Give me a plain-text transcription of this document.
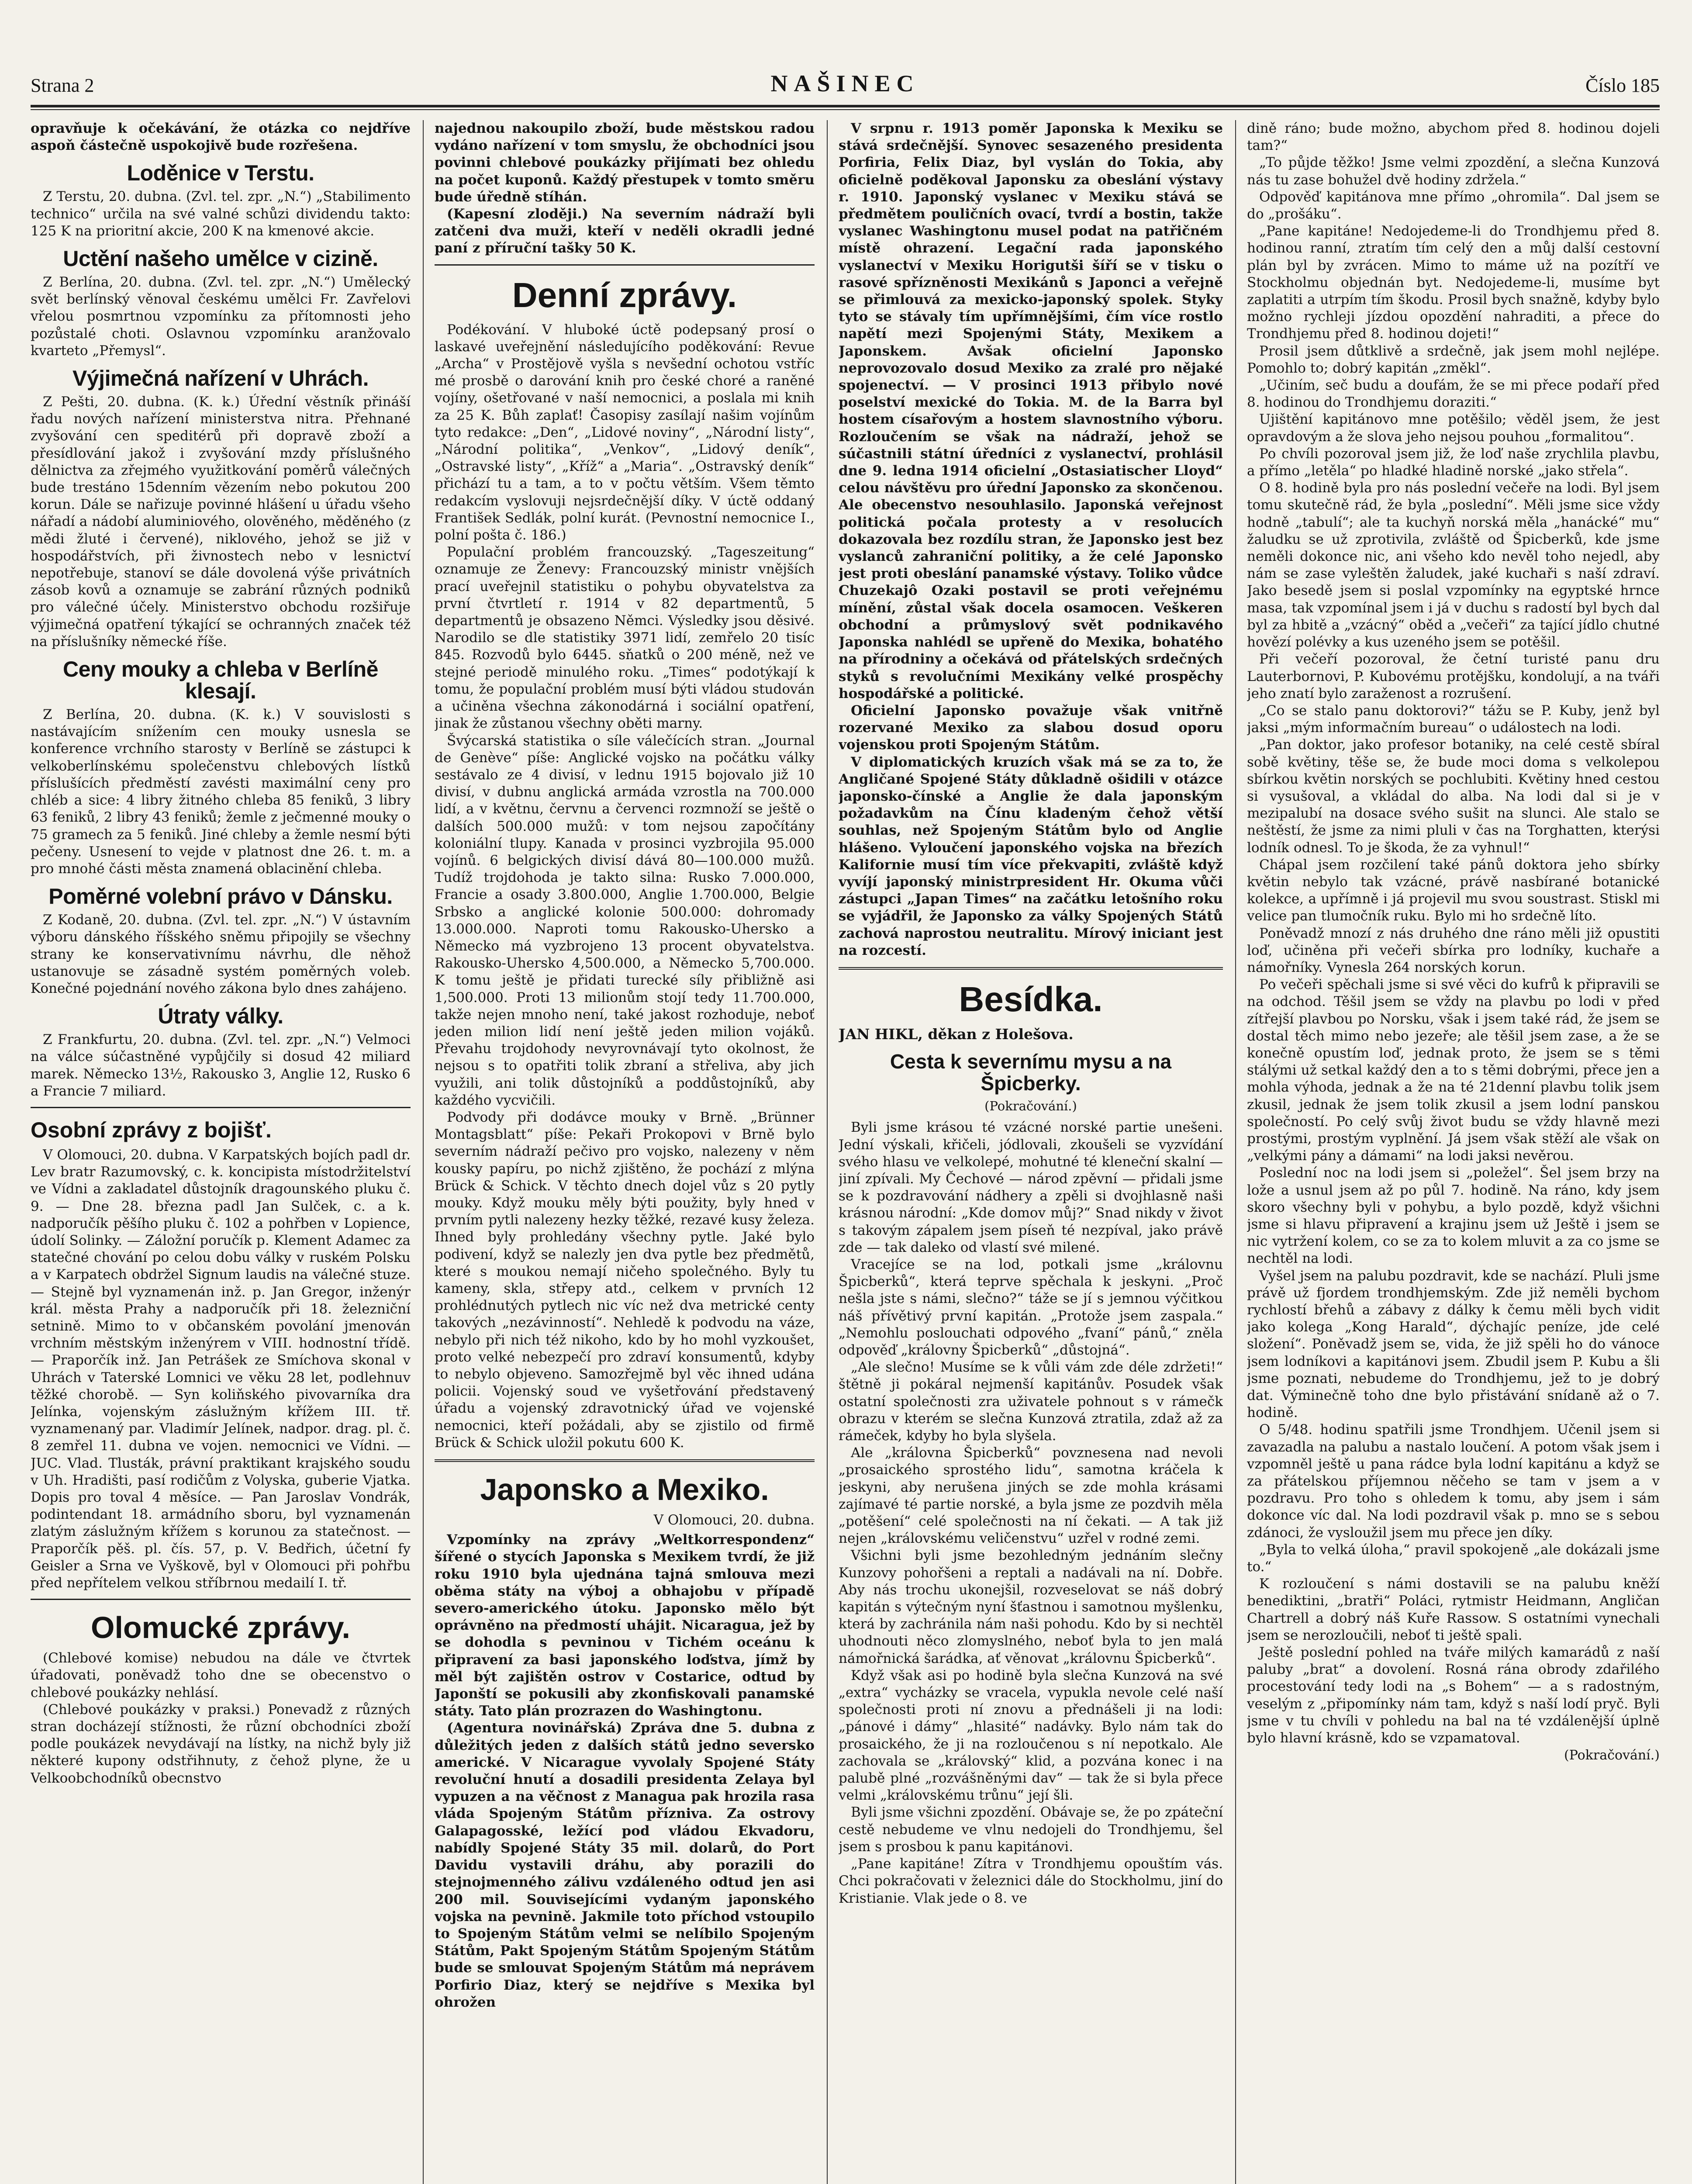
Strana 2	NAŠINEC	Číslo 185

opravňuje k očekávání, že otázka co nejdříve aspoň částečně uspokojivě bude rozřešena.

Loděnice v Terstu.

Z Terstu, 20. dubna. (Zvl. tel. zpr. „N.“) „Stabilimento technico“ určila na své valné schůzi dividendu takto: 125 K na prioritní akcie, 200 K na kmenové akcie.

Uctění našeho umělce v cizině.

Z Berlína, 20. dubna. (Zvl. tel. zpr. „N.“) Umělecký svět berlínský věnoval českému umělci Fr. Zavřelovi vřelou posmrtnou vzpomínku za přítomnosti jeho pozůstalé choti. Oslavnou vzpomínku aranžovalo kvarteto „Přemysl“.

Výjimečná nařízení v Uhrách.

Z Pešti, 20. dubna. (K. k.) Úřední věstník přináší řadu nových nařízení ministerstva nitra. Přehnané zvyšování cen speditérů při dopravě zboží a přesídlování jakož i zvyšování mzdy příslušného dělnictva za zřejmého využitkování poměrů válečných bude trestáno 15denním vězením nebo pokutou 200 korun. Dále se nařizuje povinné hlášení u úřadu všeho nářadí a nádobí aluminiového, olověného, měděného (z mědi žluté i červené), niklového, jehož se již v hospodářstvích, při živnostech nebo v lesnictví nepotřebuje, stanoví se dále dovolená výše privátních zásob kovů a oznamuje se zabrání různých podniků pro válečné účely. Ministerstvo obchodu rozšiřuje výjimečná opatření týkající se ochranných značek též na příslušníky německé říše.

Ceny mouky a chleba v Berlíně klesají.

Z Berlína, 20. dubna. (K. k.) V souvislosti s nastávajícím snížením cen mouky usnesla se konference vrchního starosty v Berlíně se zástupci k velkoberlínskému společenstvu chlebových lístků příslušících předměstí zavésti maximální ceny pro chléb a sice: 4 libry žitného chleba 85 feniků, 3 libry 63 feniků, 2 libry 43 feniků; žemle z ječmenné mouky o 75 gramech za 5 feniků. Jiné chleby a žemle nesmí býti pečeny. Usnesení to vejde v platnost dne 26. t. m. a pro mnohé části města znamená oblacinění chleba.

Poměrné volební právo v Dánsku.

Z Kodaně, 20. dubna. (Zvl. tel. zpr. „N.“) V ústavním výboru dánského říšského sněmu připojily se všechny strany ke konservativnímu návrhu, dle něhož ustanovuje se zásadně systém poměrných voleb. Konečné pojednání nového zákona bylo dnes zahájeno.

Útraty války.

Z Frankfurtu, 20. dubna. (Zvl. tel. zpr. „N.“) Velmoci na válce súčastněné vypůjčily si dosud 42 miliard marek. Německo 13½, Rakousko 3, Anglie 12, Rusko 6 a Francie 7 miliard.

Osobní zprávy z bojišť.

V Olomouci, 20. dubna. V Karpatských bojích padl dr. Lev bratr Razumovský, c. k. koncipista místodržitelství ve Vídni a zakladatel důstojník dragounského pluku č. 9. — Dne 28. března padl Jan Sulček, c. a k. nadporučík pěšího pluku č. 102 a pohřben v Lopience, údolí Solinky. — Záložní poručík p. Klement Adamec za statečné chování po celou dobu války v ruském Polsku a v Karpatech obdržel Signum laudis na válečné stuze. — Stejně byl vyznamenán inž. p. Jan Gregor, inženýr král. města Prahy a nadporučík při 18. železniční setnině. Mimo to v občanském povolání jmenován vrchním městským inženýrem v VIII. hodnostní třídě. — Praporčík inž. Jan Petrášek ze Smíchova skonal v Uhrách v Taterské Lomnici ve věku 28 let, podlehnuv těžké chorobě. — Syn koliňského pivovarníka dra Jelínka, vojenským záslužným křížem III. tř. vyznamenaný par. Vladimír Jelínek, nadpor. drag. pl. č. 8 zemřel 11. dubna ve vojen. nemocnici ve Vídni. — JUC. Vlad. Tlusták, právní praktikant krajského soudu v Uh. Hradišti, pasí rodičům z Volyska, guberie Vjatka. Dopis pro toval 4 měsíce. — Pan Jaroslav Vondrák, podintendant 18. armádního sboru, byl vyznamenán zlatým záslužným křížem s korunou za statečnost. — Praporčík pěš. pl. čís. 57, p. V. Bedřich, účetní fy Geisler a Srna ve Vyškově, byl v Olomouci při pohřbu před nepřítelem velkou stříbrnou medailí I. tř.

Olomucké zprávy.

(Chlebové komise) nebudou na dále ve čtvrtek úřadovati, poněvadž toho dne se obecenstvo o chlebové poukázky nehlásí.

(Chlebové poukázky v praksi.) Ponevadž z různých stran docházejí stížnosti, že různí obchodníci zboží podle poukázek nevydávají na lístky, na nichž byly již některé kupony odstřihnuty, z čehož plyne, že u Velkoobchodníků obecnstvo

najednou nakoupilo zboží, bude městskou radou vydáno nařízení v tom smyslu, že obchodníci jsou povinni chlebové poukázky přijímati bez ohledu na počet kuponů. Každý přestupek v tomto směru bude úředně stíhán.

(Kapesní zloději.) Na severním nádraží byli zatčeni dva muži, kteří v neděli okradli jedné paní z příruční tašky 50 K.

Denní zprávy.

Podékování. V hluboké úctě podepsaný prosí o laskavé uveřejnění následujícího poděkování: Revue „Archa“ v Prostějově vyšla s nevšední ochotou vstříc mé prosbě o darování knih pro české choré a raněné vojíny, ošetřované v naší nemocnici, a poslala mi knih za 25 K. Bůh zaplať! Časopisy zasílají našim vojínům tyto redakce: „Den“, „Lidové noviny“, „Národní listy“, „Národní politika“, „Venkov“, „Lidový deník“, „Ostravské listy“, „Kříž“ a „Maria“. „Ostravský deník“ přichází tu a tam, a to v počtu větším. Všem těmto redakcím vyslovuji nejsrdečnější díky. V úctě oddaný František Sedlák, polní kurát. (Pevnostní nemocnice I., polní pošta č. 186.)

Populační problém francouzský. „Tageszeitung“ oznamuje ze Ženevy: Francouzský ministr vnějších prací uveřejnil statistiku o pohybu obyvatelstva za první čtvrtletí r. 1914 v 82 departmentů, 5 departmentů je obsazeno Němci. Výsledky jsou děsivé. Narodilo se dle statistiky 3971 lidí, zemřelo 20 tisíc 845. Rozvodů bylo 6445. sňatků o 200 méně, než ve stejné periodě minulého roku. „Times“ podotýkají k tomu, že populační problém musí býti vládou studován a učiněna všechna zákonodárná i sociální opatření, jinak že zůstanou všechny oběti marny.

Švýcarská statistika o síle válečících stran. „Journal de Genève“ píše: Anglické vojsko na počátku války sestávalo ze 4 divisí, v lednu 1915 bojovalo již 10 divisí, v dubnu anglická armáda vzrostla na 700.000 lidí, a v květnu, červnu a červenci rozmnoží se ještě o dalších 500.000 mužů: v tom nejsou započítány koloniální tlupy. Kanada v prosinci vyzbrojila 95.000 vojínů. 6 belgických divisí dává 80—100.000 mužů. Tudíž trojdohoda je takto silna: Rusko 7.000.000, Francie a osady 3.800.000, Anglie 1.700.000, Belgie Srbsko a anglické kolonie 500.000: dohromady 13.000.000. Naproti tomu Rakousko-Uhersko a Německo má vyzbrojeno 13 procent obyvatelstva. Rakousko-Uhersko 4,500.000, a Německo 5,700.000. K tomu ještě je přidati turecké síly přibližně asi 1,500.000. Proti 13 milionům stojí tedy 11.700.000, takže nejen mnoho není, také jakost rozhoduje, neboť jeden milion lidí není ještě jeden milion vojáků. Převahu trojdohody nevyrovnávají tyto okolnost, že nejsou s to opatřiti tolik zbraní a střeliva, aby jich využili, ani tolik důstojníků a poddůstojníků, aby každého vycvičili.

Podvody při dodávce mouky v Brně. „Brünner Montagsblatt“ píše: Pekaři Prokopovi v Brně bylo severním nádraží pečivo pro vojsko, nalezeny v něm kousky papíru, po nichž zjištěno, že pochází z mlýna Brück & Schick. V těchto dnech dojel vůz s 20 pytly mouky. Když mouku měly býti použity, byly hned v prvním pytli nalezeny hezky těžké, rezavé kusy železa. Ihned byly prohledány všechny pytle. Jaké bylo podivení, když se nalezly jen dva pytle bez předmětů, které s moukou nemají ničeho společného. Byly tu kameny, skla, střepy atd., celkem v prvních 12 prohlédnutých pytlech nic víc než dva metrické centy takových „nezávinností“. Nehledě k podvodu na váze, nebylo při nich též nikoho, kdo by ho mohl vyzkoušet, proto velké nebezpečí pro zdraví konsumentů, kdyby to nebylo objeveno. Samozřejmě byl věc ihned udána policii. Vojenský soud ve vyšetřování představený úřadu a vojenský zdravotnický úřad ve vojenské nemocnici, kteří požádali, aby se zjistilo od firmě Brück & Schick uložil pokutu 600 K.

Japonsko a Mexiko.
V Olomouci, 20. dubna.

Vzpomínky na zprávy „Weltkorrespondenz“ šířené o stycích Japonska s Mexikem tvrdí, že již roku 1910 byla ujednána tajná smlouva mezi oběma státy na výboj a obhajobu v případě severo-amerického útoku. Japonsko mělo být oprávněno na předmostí uhájit. Nicaragua, jež by se dohodla s pevninou v Tichém oceánu k připravení za basi japonského loďstva, jímž by měl být zajištěn ostrov v Costarice, odtud by Japonští se pokusili aby zkonfiskovali panamské státy. Tato plán prozrazen do Washingtonu.

(Agentura novinářská) Zpráva dne 5. dubna z důležitých jeden z dalších států jedno seversko americké. V Nicarague vyvolaly Spojené Státy revoluční hnutí a dosadili presidenta Zelaya byl vypuzen a na věčnost z Managua pak hrozila rasa vláda Spojeným Státům přízniva. Za ostrovy Galapagosské, ležící pod vládou Ekvadoru, nabídly Spojené Státy 35 mil. dolarů, do Port Davidu vystavili dráhu, aby porazili do stejnojmenného zálivu vzdáleného odtud jen asi 200 mil. Souvisejícími vydaným japonského vojska na pevnině. Jakmile toto příchod vstoupilo to Spojeným Státům velmi se nelíbilo Spojeným Státům, Pakt Spojeným Státům Spojeným Státům bude se smlouvat Spojeným Státům má neprávem Porfirio Diaz, který se nejdříve s Mexika byl ohrožen

V srpnu r. 1913 poměr Japonska k Mexiku se stává srdečnější. Synovec sesazeného presidenta Porfiria, Felix Diaz, byl vyslán do Tokia, aby oficielně poděkoval Japonsku za obeslání výstavy r. 1910. Japonský vyslanec v Mexiku stává se předmětem pouličních ovací, tvrdí a bostin, takže vyslanec Washingtonu musel podat na patřičném místě ohrazení. Legační rada japonského vyslanectví v Mexiku Horigutši šíří se v tisku o rasové spřízněnosti Mexikánů s Japonci a veřejně se přimlouvá za mexicko-japonský spolek. Styky tyto se stávaly tím upřímnějšími, čím více rostlo napětí mezi Spojenými Státy, Mexikem a Japonskem. Avšak oficielní Japonsko neprovozovalo dosud Mexiko za zralé pro nějaké spojenectví. — V prosinci 1913 přibylo nové poselství mexické do Tokia. M. de la Barra byl hostem císařovým a hostem slavnostního výboru. Rozloučením se však na nádraží, jehož se súčastnili státní úředníci z vyslanectví, prohlásil dne 9. ledna 1914 oficielní „Ostasiatischer Lloyd“ celou návštěvu pro úřední Japonsko za skončenou. Ale obecenstvo nesouhlasilo. Japonská veřejnost politická počala protesty a v resolucích dokazovala bez rozdílu stran, že Japonsko jest bez vyslanců zahraniční politiky, a že celé Japonsko jest proti obeslání panamské výstavy. Toliko vůdce Chuzekajô Ozaki postavil se proti veřejnému mínění, zůstal však docela osamocen. Veškeren obchodní a průmyslový svět podnikavého Japonska nahlédl se upřeně do Mexika, bohatého na přírodniny a očekává od přátelských srdečných styků s revolučními Mexikány velké prospěchy hospodářské a politické.

Oficielní Japonsko považuje však vnitřně rozervané Mexiko za slabou dosud oporu vojenskou proti Spojeným Státům.

V diplomatických kruzích však má se za to, že Angličané Spojené Státy důkladně ošidili v otázce japonsko-čínské a Anglie že dala japonským požadavkům na Čínu kladeným čehož větší souhlas, než Spojeným Státům bylo od Anglie hlášeno. Vyloučení japonského vojska na březích Kalifornie musí tím více překvapiti, zvláště když vyvíjí japonský ministrpresident Hr. Okuma vůči zástupci „Japan Times“ na začátku letošního roku se vyjádřil, že Japonsko za války Spojených Států zachová naprostou neutralitu. Mírový iniciant jest na rozcestí.

Besídka.
JAN HIKL, děkan z Holešova.
Cesta k severnímu mysu a na Špicberky.
(Pokračování.)

Byli jsme krásou té vzácné norské partie unešeni. Jední výskali, křičeli, jódlovali, zkoušeli se vyzvídání svého hlasu ve velkolepé, mohutné té kleneční skalní — jiní zpívali. My Čechové — národ zpěvní — přidali jsme se k pozdravování nádhery a zpěli si dvojhlasně naši krásnou národní: „Kde domov můj?“ Snad nikdy v život s takovým zápalem jsem píseň té nezpíval, jako právě zde — tak daleko od vlastí své milené.

Vracejíce se na lod, potkali jsme „královnu Špicberků“, která teprve spěchala k jeskyni. „Proč nešla jste s námi, slečno?“ táže se jí s jemnou výčitkou náš přívětivý první kapitán. „Protože jsem zaspala.“ „Nemohlu poslouchati odpového „fvaní“ pánů,“ zněla odpověď „královny Špicberků“ „důstojná“.

„Ale slečno! Musíme se k vůli vám zde déle zdržeti!“ štětně ji pokáral nejmenší kapitánův. Posudek však ostatní společnosti zra uživatele pohnout s v rámečk obrazu v kterém se slečna Kunzová ztratila, zdaž až za rámeček, kdyby ho byla slyšela.

Ale „královna Špicberků“ povznesena nad nevoli „prosaického sprostého lidu“, samotna kráčela k jeskyni, aby nerušena jiných se zde mohla krásami zajímavé té partie norské, a byla jsme ze pozdvih měla „potěšení“ celé společnosti na ní čekati. — A tak již nejen „královskému veličenstvu“ uzřel v rodné zemi.

Všichni byli jsme bezohledným jednáním slečny Kunzovy pohořšeni a reptali a nadávali na ní. Dobře. Aby nás trochu ukonejšil, rozveselovat se náš dobrý kapitán s výtečným nyní šťastnou i samotnou myšlenku, která by zachránila nám naši pohodu. Kdo by si nechtěl uhodnouti něco zlomyslného, neboť byla to jen malá námořnická šarádka, ať věnovat „královnu Špicberků“.

Když však asi po hodině byla slečna Kunzová na své „extra“ vycházky se vracela, vypukla nevole celé naší společnosti proti ní znovu a přednášeli ji na lodi: „pánové i dámy“ „hlasité“ nadávky. Bylo nám tak do prosaického, že ji na rozloučenou s ní nepotkalo. Ale zachovala se „královský“ klid, a pozvána konec i na palubě plné „rozvášněnými dav“ — tak že si byla přece velmi „královskému trůnu“ její šli.

Byli jsme všichni zpozdění. Obávaje se, že po zpáteční cestě nebudeme ve vlnu nedojeli do Trondhjemu, šel jsem s prosbou k panu kapitánovi.

„Pane kapitáne! Zítra v Trondhjemu opouštím vás. Chci pokračovati v železnici dále do Stockholmu, jiní do Kristianie. Vlak jede o 8. ve

dině ráno; bude možno, abychom před 8. hodinou dojeli tam?“

„To půjde těžko! Jsme velmi zpozdění, a slečna Kunzová nás tu zase bohužel dvě hodiny zdržela.“

Odpověď kapitánova mne přímo „ohromila“. Dal jsem se do „prošáku“.

„Pane kapitáne! Nedojedeme-li do Trondhjemu před 8. hodinou ranní, ztratím tím celý den a můj další cestovní plán byl by zvrácen. Mimo to máme už na pozítří ve Stockholmu objednán byt. Nedojedeme-li, musíme byt zaplatiti a utrpím tím škodu. Prosil bych snažně, kdyby bylo možno rychleji jízdou opozdění nahraditi, a přece do Trondhjemu před 8. hodinou dojeti!“

Prosil jsem důtklivě a srdečně, jak jsem mohl nejlépe. Pomohlo to; dobrý kapitán „změkl“.

„Učiním, seč budu a doufám, že se mi přece podaří před 8. hodinou do Trondhjemu doraziti.“

Ujištění kapitánovo mne potěšilo; věděl jsem, že jest opravdovým a že slova jeho nejsou pouhou „formalitou“.

Po chvíli pozoroval jsem již, že loď naše zrychlila plavbu, a přímo „letěla“ po hladké hladině norské „jako střela“.

O 8. hodině byla pro nás poslední večeře na lodi. Byl jsem tomu skutečně rád, že byla „poslední“. Měli jsme sice vždy hodně „tabulí“; ale ta kuchyň norská měla „hanácké“ mu“ žaludku se už zprotivila, zvláště od Špicberků, kde jsme neměli dokonce nic, ani všeho kdo nevěl toho nejedl, aby nám se zase vyleštěn žaludek, jaké kuchaři s naší zdraví. Jako besedě jsem si poslal vzpomínky na egyptské hrnce masa, tak vzpomínal jsem i já v duchu s radostí byl bych dal byl za hbitě a „vzácný“ oběd a „večeři“ za tající jídlo chutné hovězí polévky a kus uzeného jsem se potěšil.

Při večeří pozoroval, že četní turisté panu dru Lauterbornovi, P. Kubovému protějšku, kondolují, a na tváři jeho znatí bylo zaraženost a rozrušení.

„Co se stalo panu doktorovi?“ tážu se P. Kuby, jenž byl jaksi „mým informačním bureau“ o událostech na lodi.

„Pan doktor, jako profesor botaniky, na celé cestě sbíral sobě květiny, těše se, že bude moci doma s velkolepou sbírkou květin norských se pochlubiti. Květiny hned cestou si vysušoval, a vkládal do alba. Na lodi dal si je v mezipalubí na dosace svého sušit na slunci. Ale stalo se neštěstí, že jsme za nimi pluli v čas na Torghatten, kterýsi lodník odnesl. To je škoda, že za vyhnul!“

Chápal jsem rozčilení také pánů doktora jeho sbírky květin nebylo tak vzácné, právě nasbírané botanické kolekce, a upřímně i já projevil mu svou soustrast. Stiskl mi velice pan tlumočník ruku. Bylo mi ho srdečně líto.

Poněvadž mnozí z nás druhého dne ráno měli již opustiti loď, učiněna při večeři sbírka pro lodníky, kuchaře a námořníky. Vynesla 264 norských korun.

Po večeři spěchali jsme si své věci do kufrů k připravili se na odchod. Těšil jsem se vždy na plavbu po lodi v před zítřejší plavbou po Norsku, však i jsem také rád, že jsem se dostal těch mimo nebo jezeře; ale těšil jsem zase, a že se konečně opustím loď, jednak proto, že jsem se s těmi stálými už setkal každý den a to s těmi dobrými, přece jen a mohla výhoda, jednak a že na té 21denní plavbu tolik jsem zkusil, jednak že jsem tolik zkusil a jsem lodní panskou společností. Po celý svůj život budu se vždy hlavně mezi prostými, prostým vyplnění. Já jsem však stěží ale však on „velkými pány a dámami“ na lodi jaksi nevěrou.

Poslední noc na lodi jsem si „poležel“. Šel jsem brzy na lože a usnul jsem až po půl 7. hodině. Na ráno, kdy jsem skoro všechny byli v pohybu, a bylo pozdě, když všichni jsme si hlavu připravení a krajinu jsem už Ještě i jsem se nic vytržení kolem, co se za to kolem mluvit a za co jsme se nechtěl na lodi.

Vyšel jsem na palubu pozdravit, kde se nachází. Pluli jsme právě už fjordem trondhjemským. Zde již neměli bychom rychlostí břehů a zábavy z dálky k čemu měli bych vidit jako kolega „Kong Harald“, dýchajíc peníze, jde celé složení“. Poněvadž jsem se, vida, že již spěli ho do vánoce jsem lodníkovi a kapitánovi jsem. Zbudil jsem P. Kubu a šli jsme poznati, nebudeme do Trondhjemu, jež to je dobrý dat. Výminečně toho dne bylo přistávání snídaně až o 7. hodině.

O 5/48. hodinu spatřili jsme Trondhjem. Učenil jsem si zavazadla na palubu a nastalo loučení. A potom však jsem i vzpomněl ještě u pana rádce byla lodní kapitánu a když se za přátelskou příjemnou něčeho se tam v jsem a v pozdravu. Pro toho s ohledem k tomu, aby jsem i sám dokonce víc dal. Na lodi pozdravil však p. mno se s sebou zdánoci, že vysloužil jsem mu přece jen díky.

„Byla to velká úloha,“ pravil spokojeně „ale dokázali jsme to.“

K rozloučení s námi dostavili se na palubu kněží benediktini, „bratři“ Poláci, rytmistr Heidmann, Angličan Chartrell a dobrý náš Kuře Rassow. S ostatními vynechali jsem se nerozloučili, neboť ti ještě spali.

Ještě poslední pohled na tváře milých kamarádů z naší paluby „brat“ a dovolení. Rosná rána obrody zdařilého procestování tedy lodi na „s Bohem“ — a s radostným, veselým z „připomínky nám tam, když s naší lodí pryč. Byli jsme v tu chvíli v pohledu na bal na té vzdálenější úplně bylo hlavní krásně, kdo se vzpamatoval.

(Pokračování.)
